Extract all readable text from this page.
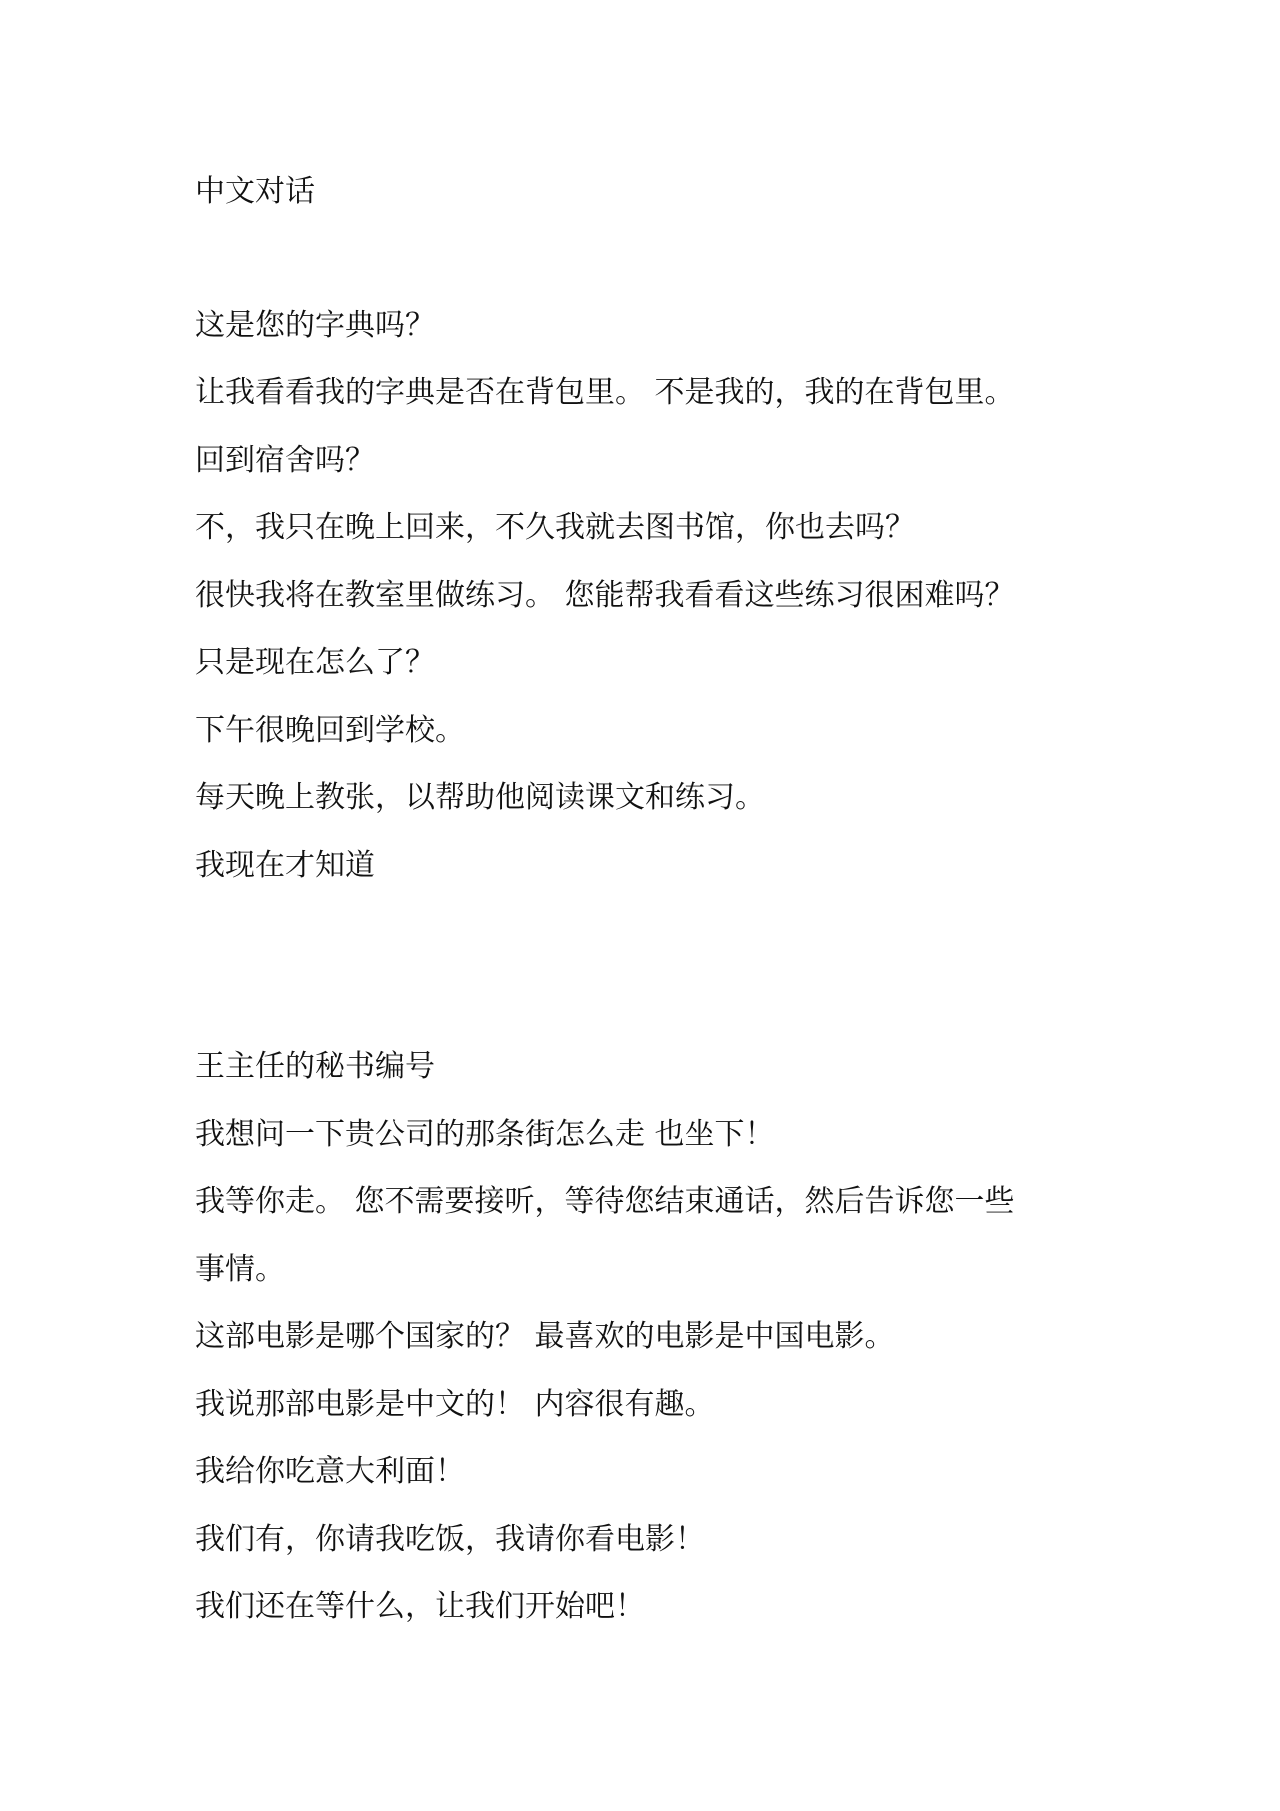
中文对话
这是您的字典吗？
让我看看我的字典是否在背包里。 不是我的，我的在背包里。
回到宿舍吗？
不，我只在晚上回来，不久我就去图书馆，你也去吗？
很快我将在教室里做练习。 您能帮我看看这些练习很困难吗？
只是现在怎么了？
下午很晚回到学校。
每天晚上教张，以帮助他阅读课文和练习。
我现在才知道
王主任的秘书编号
我想问一下贵公司的那条街怎么走 也坐下！
我等你走。 您不需要接听，等待您结束通话，然后告诉您一些
事情。
这部电影是哪个国家的？ 最喜欢的电影是中国电影。
我说那部电影是中文的！ 内容很有趣。
我给你吃意大利面！
我们有，你请我吃饭，我请你看电影！
我们还在等什么，让我们开始吧！
